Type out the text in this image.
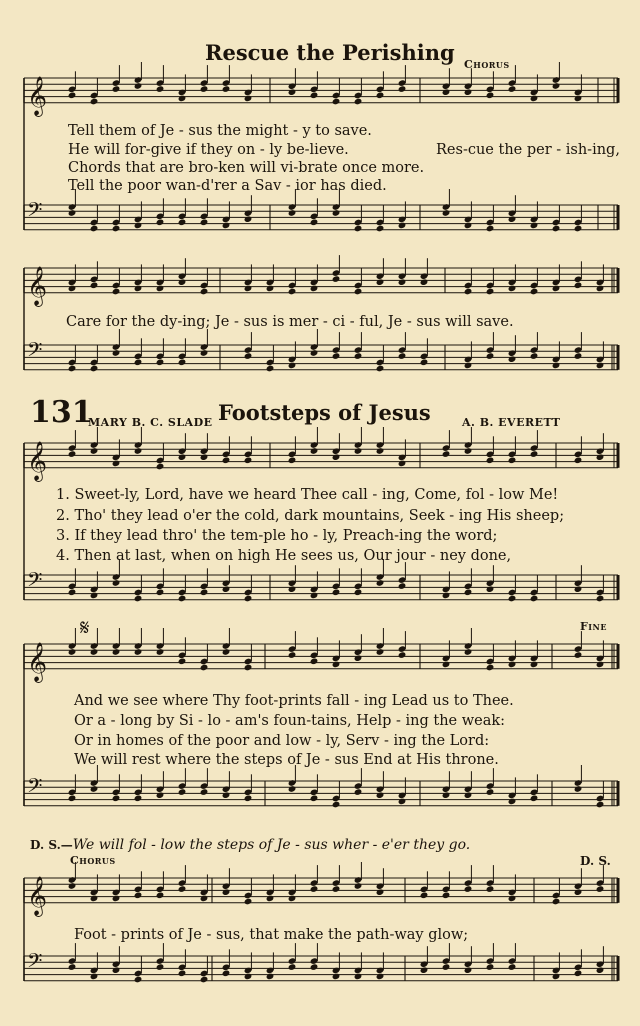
𝄞
𝄢
𝄞
𝄢
𝄞
𝄢
𝄞
𝄢
𝄞
𝄢
Rescue the Perishing Chorus
Tell them of Je - sus the might - y to save.
He will for-give if they on - ly be-lieve.	Res-cue the per - ish-ing,
Chords that are bro-ken will vi-brate once more.
Tell the poor wan-d'rer a Sav - ior has died.
Care for the dy-ing; Je - sus is mer - ci - ful, Je - sus will save.
131
MARY B. C. SLADE Footsteps of Jesus	A. B. EVERETT
1. Sweet-ly, Lord, have we heard Thee call - ing, Come, fol - low Me!
2. Tho' they lead o'er the cold, dark mountains, Seek - ing His sheep;
3. If they lead thro' the tem-ple ho - ly, Preach-ing the word;
4. Then at last, when on high He sees us, Our jour - ney done,
𝄋	Fine
And we see where Thy foot-prints fall - ing Lead us to Thee.
Or a - long by Si - lo - am's foun-tains, Help - ing the weak:
Or in homes of the poor and low - ly, Serv - ing the Lord:
We will rest where the steps of Je - sus End at His throne.
D. S.—We will fol - low the steps of Je - sus wher - e'er they go.
Chorus	D. S.
Foot - prints of Je - sus, that make the path-way glow;
